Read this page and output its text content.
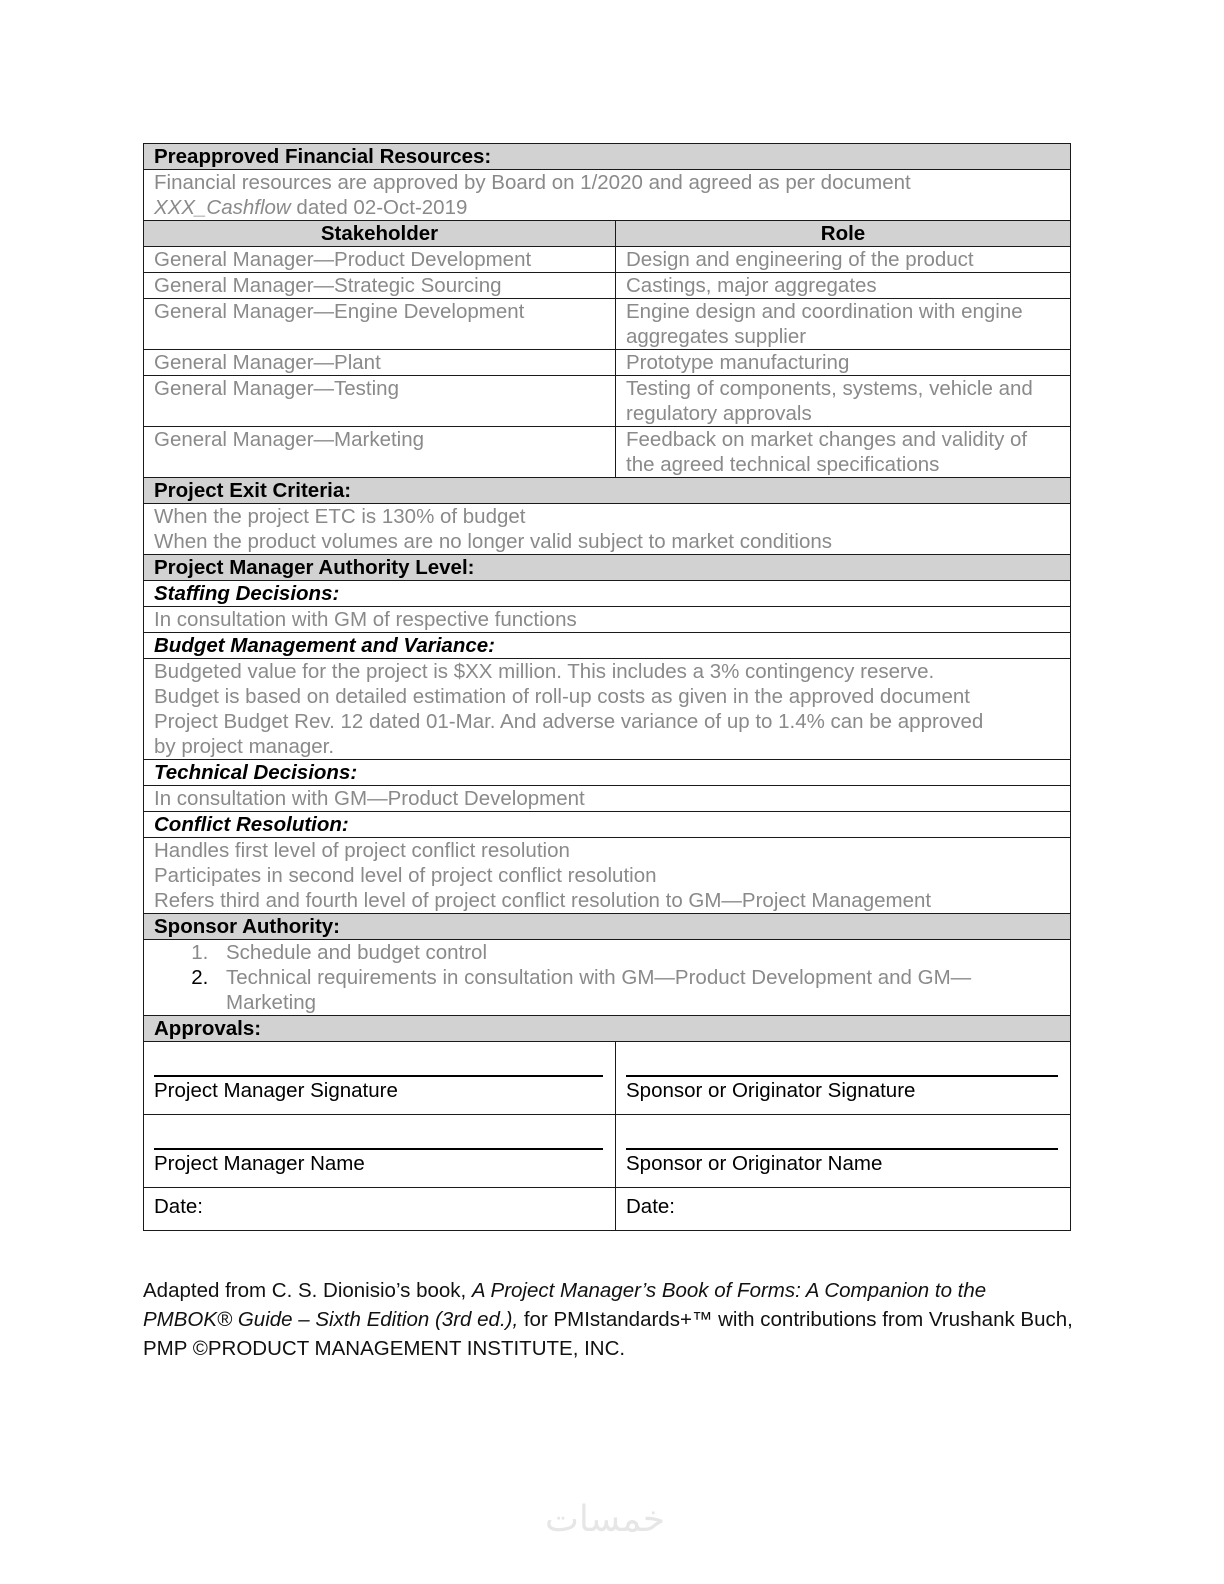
Preapproved Financial Resources:	

Financial resources are approved by Board on 1/2020 and agreed as per document
XXX_Cashflow dated 02-Oct-2019	

Stakeholder	Role
General Manager—Product Development	Design and engineering of the product
General Manager—Strategic Sourcing	Castings, major aggregates
General Manager—Engine Development	Engine design and coordination with engine aggregates supplier
General Manager—Plant	Prototype manufacturing
General Manager—Testing	Testing of components, systems, vehicle and regulatory approvals
General Manager—Marketing	Feedback on market changes and validity of the agreed technical specifications
Project Exit Criteria:	

When the project ETC is 130% of budget
When the product volumes are no longer valid subject to market conditions	

Project Manager Authority Level:	
Staffing Decisions:	
In consultation with GM of respective functions	
Budget Management and Variance:	

Budgeted value for the project is $XX million. This includes a 3% contingency reserve.
Budget is based on detailed estimation of roll-up costs as given in the approved document
Project Budget Rev. 12 dated 01-Mar. And adverse variance of up to 1.4% can be approved
by project manager.	

Technical Decisions:	
In consultation with GM—Product Development	
Conflict Resolution:	

Handles first level of project conflict resolution
Participates in second level of project conflict resolution
Refers third and fourth level of project conflict resolution to GM—Project Management	

Sponsor Authority:	

1. Schedule and budget control
2. Technical requirements in consultation with GM—Product Development and GM—Marketing

Approvals:	

Project Manager Signature	Sponsor or Originator Signature

Project Manager Name	Sponsor or Originator Name

Date:	Date:
Adapted from C. S. Dionisio’s book, A Project Manager’s Book of Forms: A Companion to the PMBOK® Guide – Sixth Edition (3rd ed.), for PMIstandards+™ with contributions from Vrushank Buch, PMP ©PRODUCT MANAGEMENT INSTITUTE, INC.
خمسات
